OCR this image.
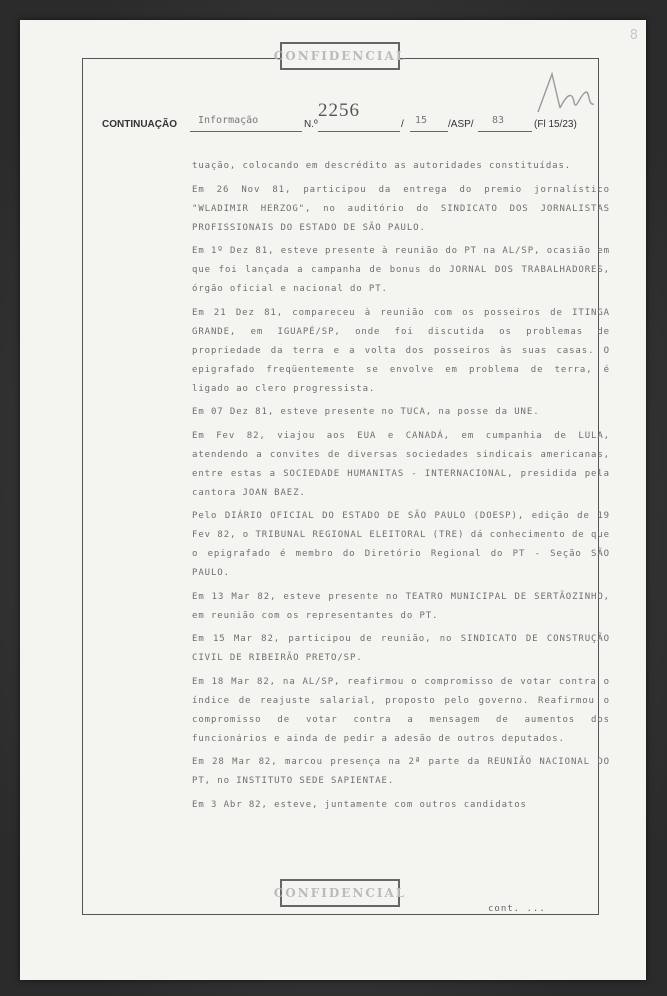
8
CONFIDENCIAL
CONTINUAÇÃO Informação	N.º
2256
/ 15 /ASP/ 83	(Fl 15/23)

tuação, colocando em descrédito as autoridades constituídas.

Em 26 Nov 81, participou da entrega do premio jornalístico "WLADIMIR HERZOG", no auditório do SINDICATO DOS JORNALISTAS PROFISSIONAIS DO ESTADO DE SÃO PAULO.

Em 1º Dez 81, esteve presente à reunião do PT na AL/SP, ocasião em que foi lançada a campanha de bonus do JORNAL DOS TRABALHADORES, órgão oficial e nacional do PT.

Em 21 Dez 81, compareceu à reunião com os posseiros de ITINGA GRANDE, em IGUAPÉ/SP, onde foi discutida os problemas de propriedade da terra e a volta dos posseiros às suas casas. O epigrafado freqüentemente se envolve em problema de terra, é ligado ao clero progressista.

Em 07 Dez 81, esteve presente no TUCA, na posse da UNE.

Em Fev 82, viajou aos EUA e CANADÁ, em cumpanhia de LULA, atendendo a convites de diversas sociedades sindicais americanas, entre estas a SOCIEDADE HUMANITAS - INTERNACIONAL, presidida pela cantora JOAN BAEZ.

Pelo DIÁRIO OFICIAL DO ESTADO DE SÃO PAULO (DOESP), edição de 19 Fev 82, o TRIBUNAL REGIONAL ELEITORAL (TRE) dá conhecimento de que o epigrafado é membro do Diretório Regional do PT - Seção SÃO PAULO.

Em 13 Mar 82, esteve presente no TEATRO MUNICIPAL DE SERTÃOZINHO, em reunião com os representantes do PT.

Em 15 Mar 82, participou de reunião, no SINDICATO DE CONSTRUÇÃO CIVIL DE RIBEIRÃO PRETO/SP.

Em 18 Mar 82, na AL/SP, reafirmou o compromisso de votar contra o índice de reajuste salarial, proposto pelo governo. Reafirmou o compromisso de votar contra a mensagem de aumentos dos funcionários e ainda de pedir a adesão de outros deputados.

Em 28 Mar 82, marcou presença na 2ª parte da REUNIÃO NACIONAL DO PT, no INSTITUTO SEDE SAPIENTAE.

Em 3 Abr 82, esteve, juntamente com outros candidatos

CONFIDENCIAL
cont. ...
